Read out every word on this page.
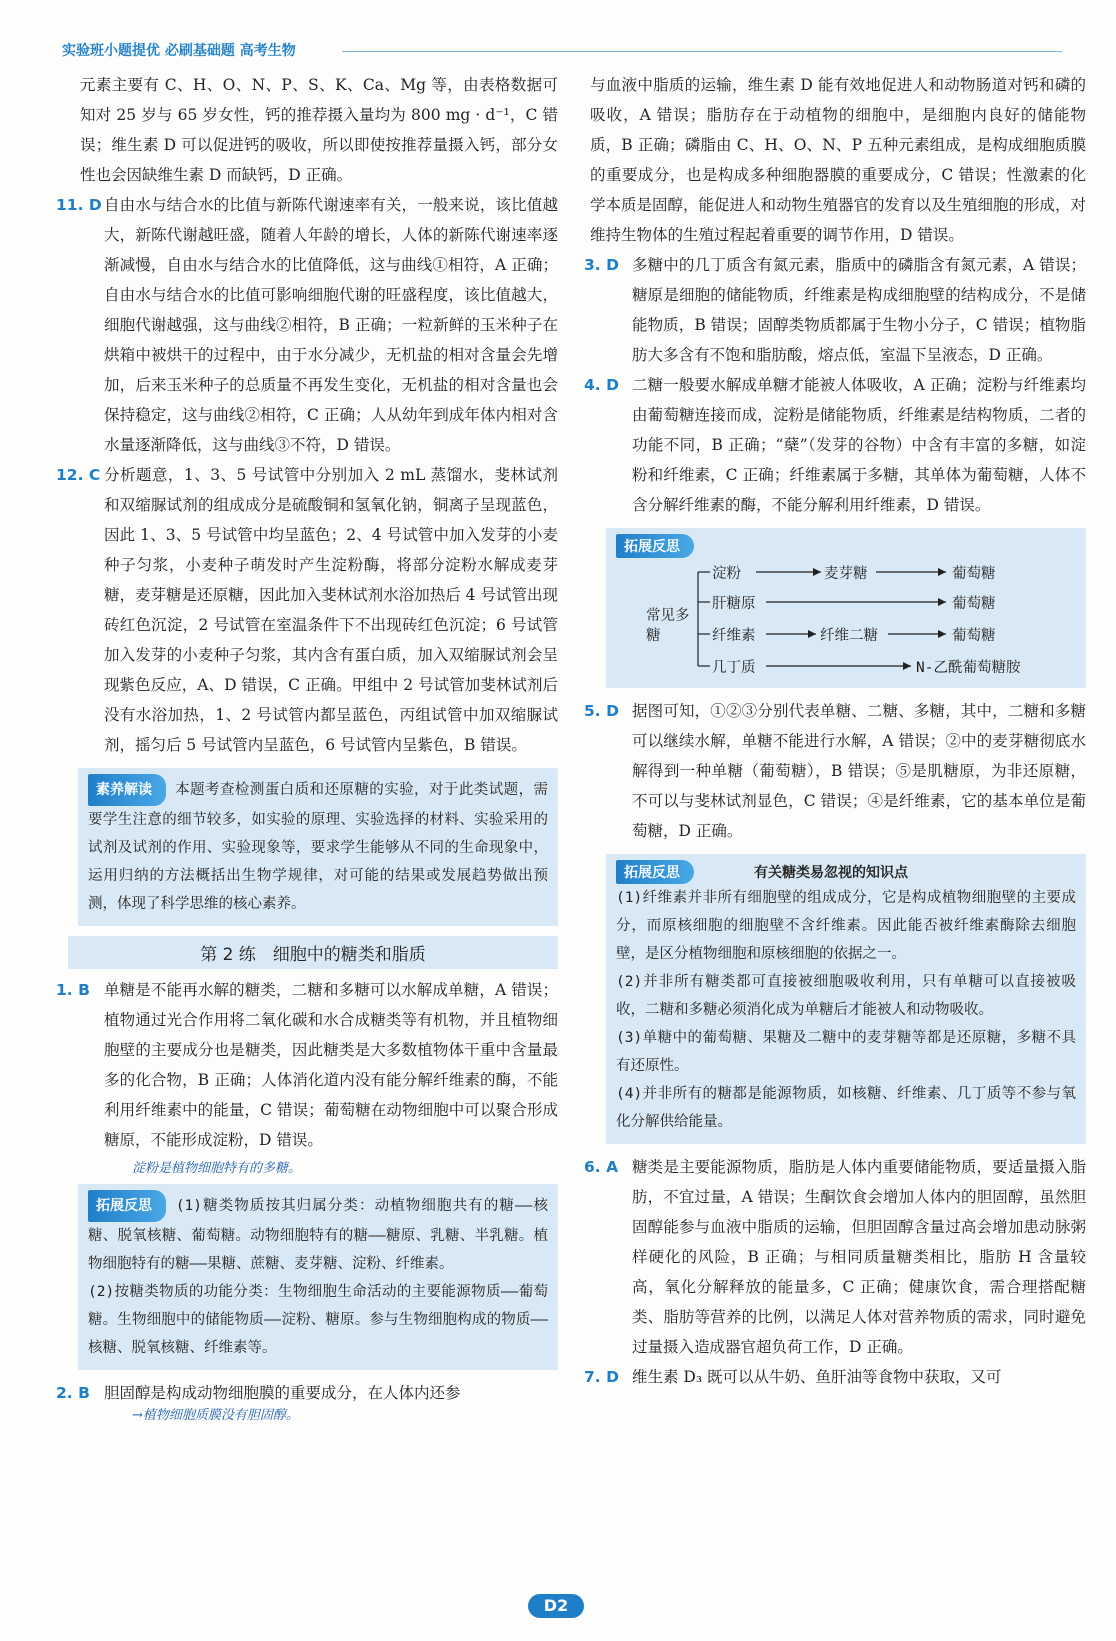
实验班小题提优 必刷基础题 高考生物

元素主要有 C、H、O、N、P、S、K、Ca、Mg 等，由表格数据可知对 25 岁与 65 岁女性，钙的推荐摄入量均为 800 mg · d⁻¹，C 错误；维生素 D 可以促进钙的吸收，所以即使按推荐量摄入钙，部分女性也会因缺维生素 D 而缺钙，D 正确。

11. D 自由水与结合水的比值与新陈代谢速率有关，一般来说，该比值越大，新陈代谢越旺盛，随着人年龄的增长，人体的新陈代谢速率逐渐减慢，自由水与结合水的比值降低，这与曲线①相符，A 正确；自由水与结合水的比值可影响细胞代谢的旺盛程度，该比值越大，细胞代谢越强，这与曲线②相符，B 正确；一粒新鲜的玉米种子在烘箱中被烘干的过程中，由于水分减少，无机盐的相对含量会先增加，后来玉米种子的总质量不再发生变化，无机盐的相对含量也会保持稳定，这与曲线②相符，C 正确；人从幼年到成年体内相对含水量逐渐降低，这与曲线③不符，D 错误。

12. C 分析题意，1、3、5 号试管中分别加入 2 mL 蒸馏水，斐林试剂和双缩脲试剂的组成成分是硫酸铜和氢氧化钠，铜离子呈现蓝色，因此 1、3、5 号试管中均呈蓝色；2、4 号试管中加入发芽的小麦种子匀浆，小麦种子萌发时产生淀粉酶，将部分淀粉水解成麦芽糖，麦芽糖是还原糖，因此加入斐林试剂水浴加热后 4 号试管出现砖红色沉淀，2 号试管在室温条件下不出现砖红色沉淀；6 号试管加入发芽的小麦种子匀浆，其内含有蛋白质，加入双缩脲试剂会呈现紫色反应，A、D 错误，C 正确。甲组中 2 号试管加斐林试剂后没有水浴加热，1、2 号试管内都呈蓝色，丙组试管中加双缩脲试剂，摇匀后 5 号试管内呈蓝色，6 号试管内呈紫色，B 错误。

素养解读 本题考查检测蛋白质和还原糖的实验，对于此类试题，需要学生注意的细节较多，如实验的原理、实验选择的材料、实验采用的试剂及试剂的作用、实验现象等，要求学生能够从不同的生命现象中，运用归纳的方法概括出生物学规律，对可能的结果或发展趋势做出预测，体现了科学思维的核心素养。

第 2 练　细胞中的糖类和脂质
1. B 单糖是不能再水解的糖类，二糖和多糖可以水解成单糖，A 错误；植物通过光合作用将二氧化碳和水合成糖类等有机物，并且植物细胞壁的主要成分也是糖类，因此糖类是大多数植物体干重中含量最多的化合物，B 正确；人体消化道内没有能分解纤维素的酶，不能利用纤维素中的能量，C 错误；葡萄糖在动物细胞中可以聚合形成糖原，不能形成淀粉，D 错误。

淀粉是植物细胞特有的多糖。

拓展反思 (1)糖类物质按其归属分类：动植物细胞共有的糖——核糖、脱氧核糖、葡萄糖。动物细胞特有的糖——糖原、乳糖、半乳糖。植物细胞特有的糖——果糖、蔗糖、麦芽糖、淀粉、纤维素。

(2)按糖类物质的功能分类：生物细胞生命活动的主要能源物质——葡萄糖。生物细胞中的储能物质——淀粉、糖原。参与生物细胞构成的物质——核糖、脱氧核糖、纤维素等。

2. B 胆固醇是构成动物细胞膜的重要成分，在人体内还参

→植物细胞质膜没有胆固醇。

与血液中脂质的运输，维生素 D 能有效地促进人和动物肠道对钙和磷的吸收，A 错误；脂肪存在于动植物的细胞中，是细胞内良好的储能物质，B 正确；磷脂由 C、H、O、N、P 五种元素组成，是构成细胞质膜的重要成分，也是构成多种细胞器膜的重要成分，C 错误；性激素的化学本质是固醇，能促进人和动物生殖器官的发育以及生殖细胞的形成，对维持生物体的生殖过程起着重要的调节作用，D 错误。

3. D 多糖中的几丁质含有氮元素，脂质中的磷脂含有氮元素，A 错误；糖原是细胞的储能物质，纤维素是构成细胞壁的结构成分，不是储能物质，B 错误；固醇类物质都属于生物小分子，C 错误；植物脂肪大多含有不饱和脂肪酸，熔点低，室温下呈液态，D 正确。

4. D 二糖一般要水解成单糖才能被人体吸收，A 正确；淀粉与纤维素均由葡萄糖连接而成，淀粉是储能物质，纤维素是结构物质，二者的功能不同，B 正确；“蘖”（发芽的谷物）中含有丰富的多糖，如淀粉和纤维素，C 正确；纤维素属于多糖，其单体为葡萄糖，人体不含分解纤维素的酶，不能分解利用纤维素，D 错误。

拓展反思
常见多糖
淀粉	麦芽糖	葡萄糖
肝糖原	葡萄糖
纤维素	纤维二糖	葡萄糖
几丁质	N-乙酰葡萄糖胺
5. D 据图可知，①②③分别代表单糖、二糖、多糖，其中，二糖和多糖可以继续水解，单糖不能进行水解，A 错误；②中的麦芽糖彻底水解得到一种单糖（葡萄糖），B 错误；⑤是肌糖原，为非还原糖，不可以与斐林试剂显色，C 错误；④是纤维素，它的基本单位是葡萄糖，D 正确。

拓展反思	有关糖类易忽视的知识点

(1)纤维素并非所有细胞壁的组成成分，它是构成植物细胞壁的主要成分，而原核细胞的细胞壁不含纤维素。因此能否被纤维素酶除去细胞壁，是区分植物细胞和原核细胞的依据之一。

(2)并非所有糖类都可直接被细胞吸收利用，只有单糖可以直接被吸收，二糖和多糖必须消化成为单糖后才能被人和动物吸收。

(3)单糖中的葡萄糖、果糖及二糖中的麦芽糖等都是还原糖，多糖不具有还原性。

(4)并非所有的糖都是能源物质，如核糖、纤维素、几丁质等不参与氧化分解供给能量。

6. A 糖类是主要能源物质，脂肪是人体内重要储能物质，要适量摄入脂肪，不宜过量，A 错误；生酮饮食会增加人体内的胆固醇，虽然胆固醇能参与血液中脂质的运输，但胆固醇含量过高会增加患动脉粥样硬化的风险，B 正确；与相同质量糖类相比，脂肪 H 含量较高，氧化分解释放的能量多，C 正确；健康饮食，需合理搭配糖类、脂肪等营养的比例，以满足人体对营养物质的需求，同时避免过量摄入造成器官超负荷工作，D 正确。

7. D 维生素 D₃ 既可以从牛奶、鱼肝油等食物中获取，又可

D2
